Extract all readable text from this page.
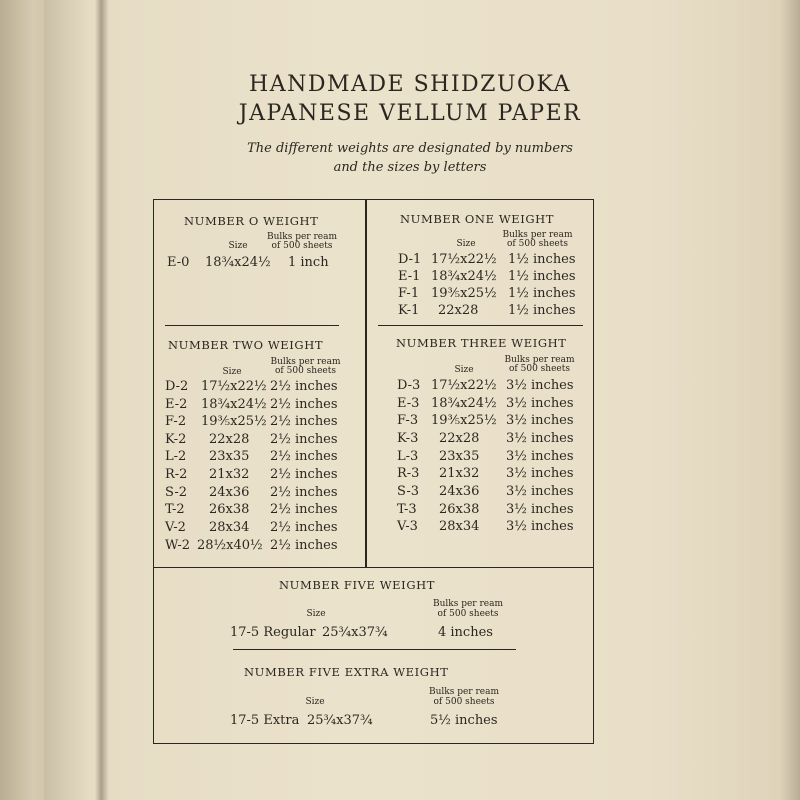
HANDMADE SHIDZUOKA
JAPANESE VELLUM PAPER

The different weights are designated by numbers

and the sizes by letters

NUMBER O WEIGHT
Size
Bulks per ream
of 500 sheets
E-0 18¾x24½ 1 inch
NUMBER ONE WEIGHT
Size
Bulks per ream
of 500 sheets
D-1 17½x22½ 1½ inches
E-1 18¾x24½ 1½ inches
F-1 19⅗x25½ 1½ inches
K-1 22x28 1½ inches
NUMBER TWO WEIGHT
Size
Bulks per ream
of 500 sheets
D-2 17½x22½ 2½ inches
E-2 18¾x24½ 2½ inches
F-2 19⅗x25½ 2½ inches
K-2 22x28 2½ inches
L-2 23x35 2½ inches
R-2 21x32 2½ inches
S-2 24x36 2½ inches
T-2 26x38 2½ inches
V-2 28x34 2½ inches
W-2 28½x40½ 2½ inches
NUMBER THREE WEIGHT
Size
Bulks per ream
of 500 sheets
D-3 17½x22½ 3½ inches
E-3 18¾x24½ 3½ inches
F-3 19⅗x25½ 3½ inches
K-3 22x28 3½ inches
L-3 23x35 3½ inches
R-3 21x32 3½ inches
S-3 24x36 3½ inches
T-3 26x38 3½ inches
V-3 28x34 3½ inches
NUMBER FIVE WEIGHT
Size
Bulks per ream
of 500 sheets
17-5 Regular 25¾x37¾	4 inches
NUMBER FIVE EXTRA WEIGHT
Size
Bulks per ream
of 500 sheets
17-5 Extra 25¾x37¾	5½ inches
